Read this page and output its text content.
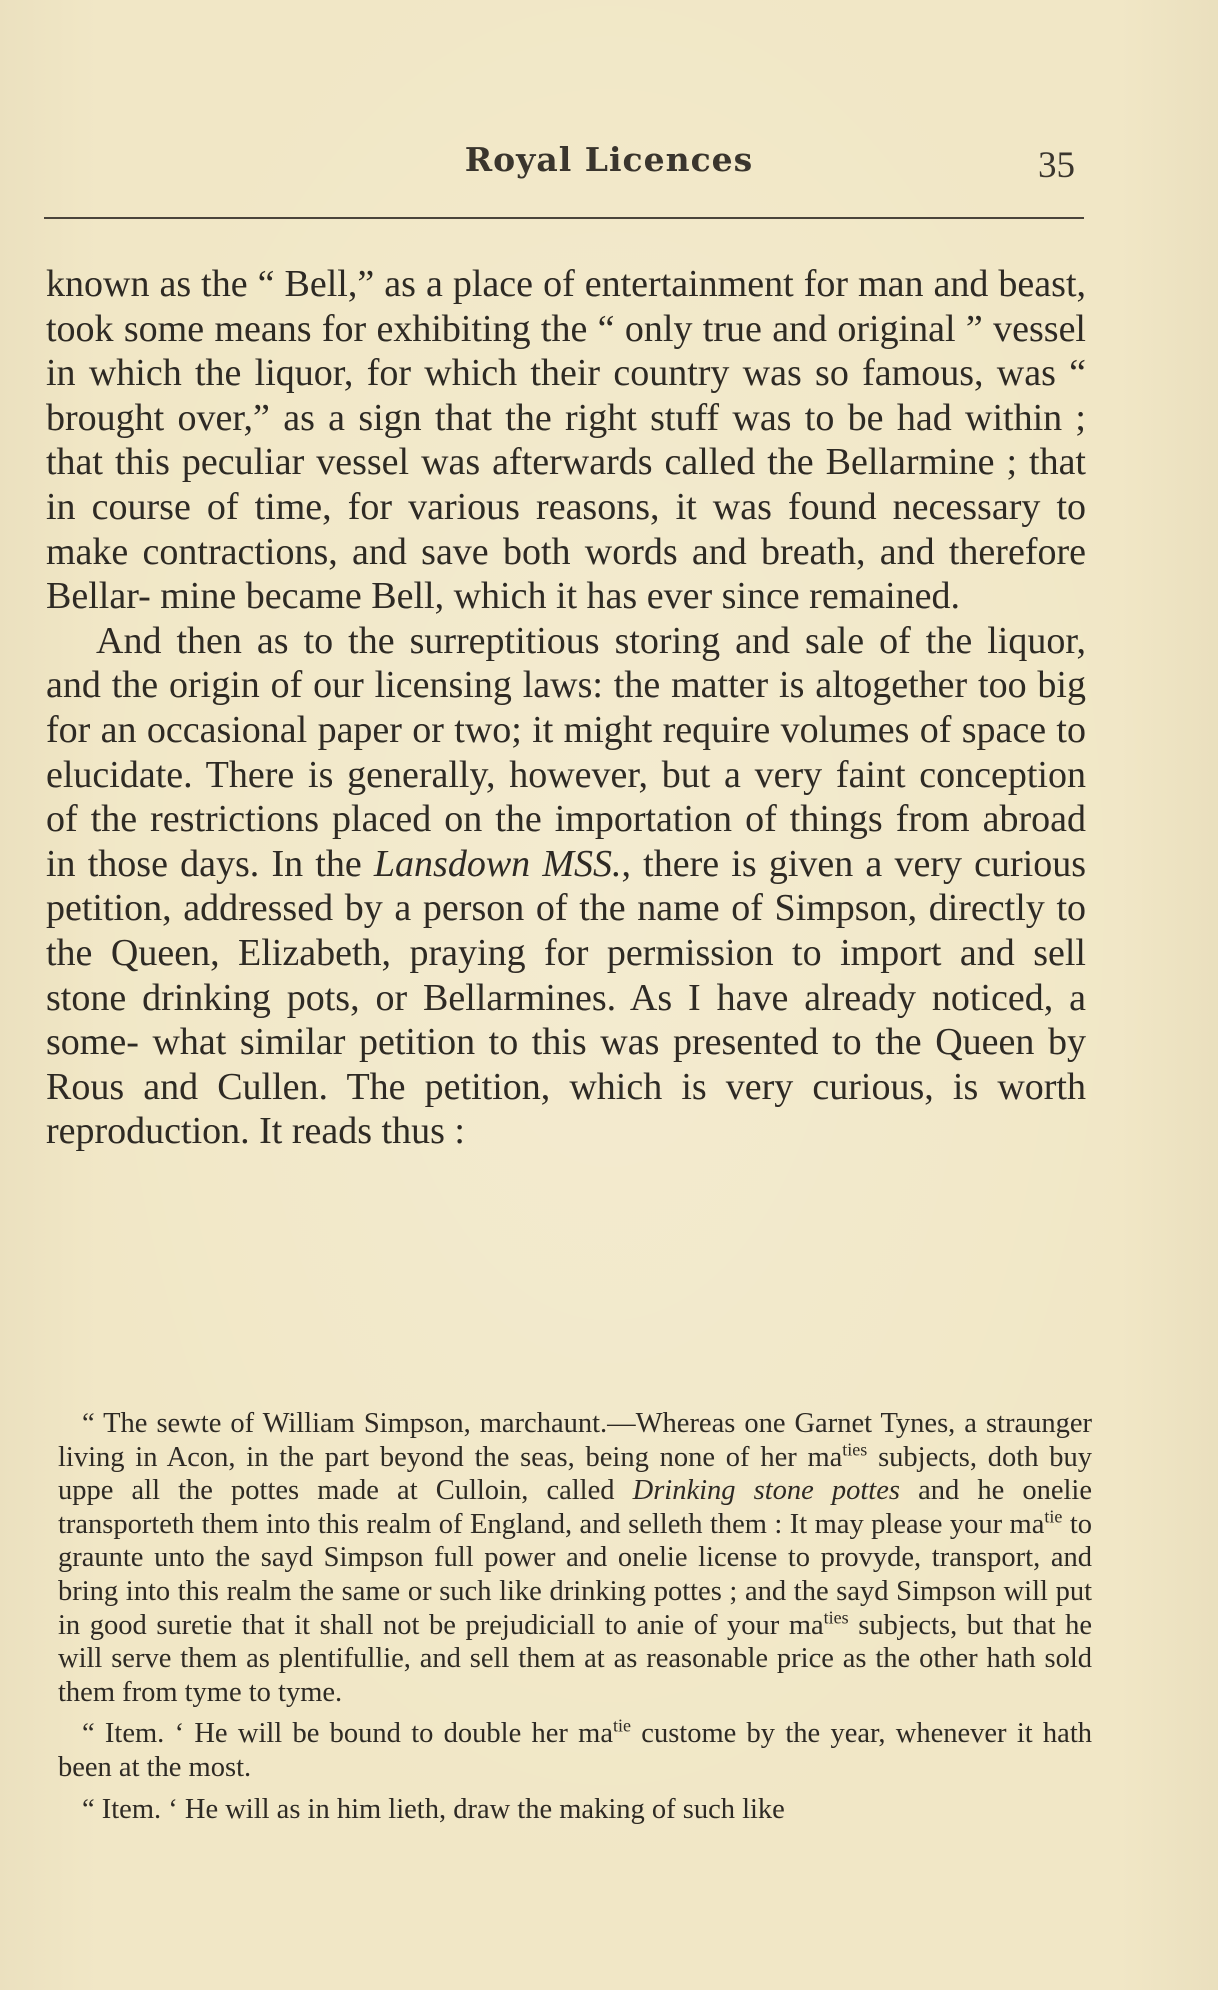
Royal Licences	35

known as the “ Bell,” as a place of entertainment for man and beast, took some means for exhibiting the “ only true and original ” vessel in which the liquor, for which their country was so famous, was “ brought over,” as a sign that the right stuff was to be had within ; that this peculiar vessel was afterwards called the Bellarmine ; that in course of time, for various reasons, it was found necessary to make contractions, and save both words and breath, and therefore Bellar- mine became Bell, which it has ever since remained.

And then as to the surreptitious storing and sale of the liquor, and the origin of our licensing laws: the matter is altogether too big for an occasional paper or two; it might require volumes of space to elucidate. There is generally, however, but a very faint conception of the restrictions placed on the importation of things from abroad in those days. In the Lansdown MSS., there is given a very curious petition, addressed by a person of the name of Simpson, directly to the Queen, Elizabeth, praying for permission to import and sell stone drinking pots, or Bellarmines. As I have already noticed, a some- what similar petition to this was presented to the Queen by Rous and Cullen. The petition, which is very curious, is worth reproduction. It reads thus :

“ The sewte of William Simpson, marchaunt.—Whereas one Garnet Tynes, a straunger living in Acon, in the part beyond the seas, being none of her $ma^{ties}$ subjects, doth buy uppe all the pottes made at Culloin, called Drinking stone pottes and he onelie transporteth them into this realm of England, and selleth them : It may please your $ma^{tie}$ to graunte unto the sayd Simpson full power and onelie license to provyde, transport, and bring into this realm the same or such like drinking pottes ; and the sayd Simpson will put in good suretie that it shall not be prejudiciall to anie of your $ma^{ties}$ subjects, but that he will serve them as plentifullie, and sell them at as reasonable price as the other hath sold them from tyme to tyme.

“ Item. ‘ He will be bound to double her $ma^{tie}$ custome by the year, whenever it hath been at the most.

“ Item. ‘ He will as in him lieth, draw the making of such like
